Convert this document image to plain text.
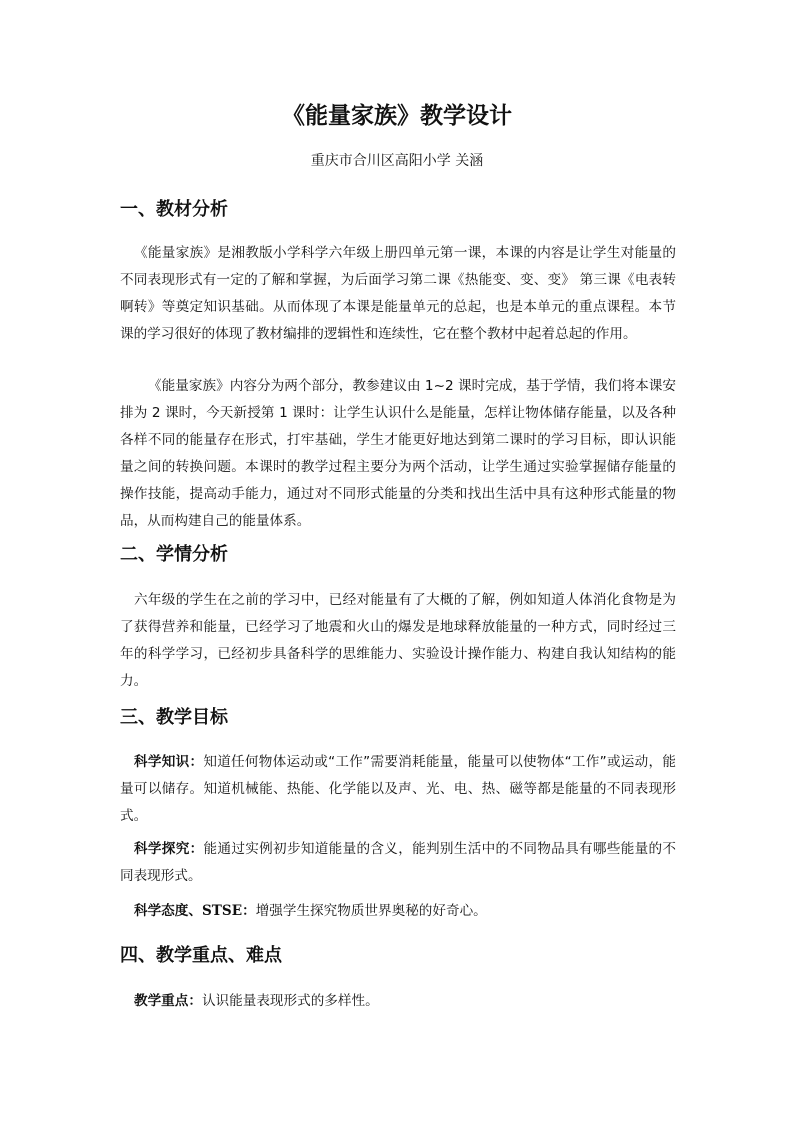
《能量家族》教学设计

重庆市合川区高阳小学 关涵

一、教材分析

《能量家族》是湘教版小学科学六年级上册四单元第一课，本课的内容是让学生对能量的不同表现形式有一定的了解和掌握，为后面学习第二课《热能变、变、变》 第三课《电表转啊转》等奠定知识基础。从而体现了本课是能量单元的总起，也是本单元的重点课程。本节课的学习很好的体现了教材编排的逻辑性和连续性，它在整个教材中起着总起的作用。

《能量家族》内容分为两个部分，教参建议由 1~2 课时完成，基于学情，我们将本课安排为 2 课时，今天新授第 1 课时：让学生认识什么是能量，怎样让物体储存能量，以及各种各样不同的能量存在形式，打牢基础，学生才能更好地达到第二课时的学习目标，即认识能量之间的转换问题。本课时的教学过程主要分为两个活动，让学生通过实验掌握储存能量的操作技能，提高动手能力，通过对不同形式能量的分类和找出生活中具有这种形式能量的物品，从而构建自己的能量体系。

二、学情分析

六年级的学生在之前的学习中，已经对能量有了大概的了解，例如知道人体消化食物是为了获得营养和能量，已经学习了地震和火山的爆发是地球释放能量的一种方式，同时经过三年的科学学习，已经初步具备科学的思维能力、实验设计操作能力、构建自我认知结构的能力。

三、教学目标

科学知识：知道任何物体运动或“工作”需要消耗能量，能量可以使物体“工作”或运动，能量可以储存。知道机械能、热能、化学能以及声、光、电、热、磁等都是能量的不同表现形式。

科学探究：能通过实例初步知道能量的含义，能判别生活中的不同物品具有哪些能量的不同表现形式。

科学态度、STSE：增强学生探究物质世界奥秘的好奇心。

四、教学重点、难点

教学重点：认识能量表现形式的多样性。
